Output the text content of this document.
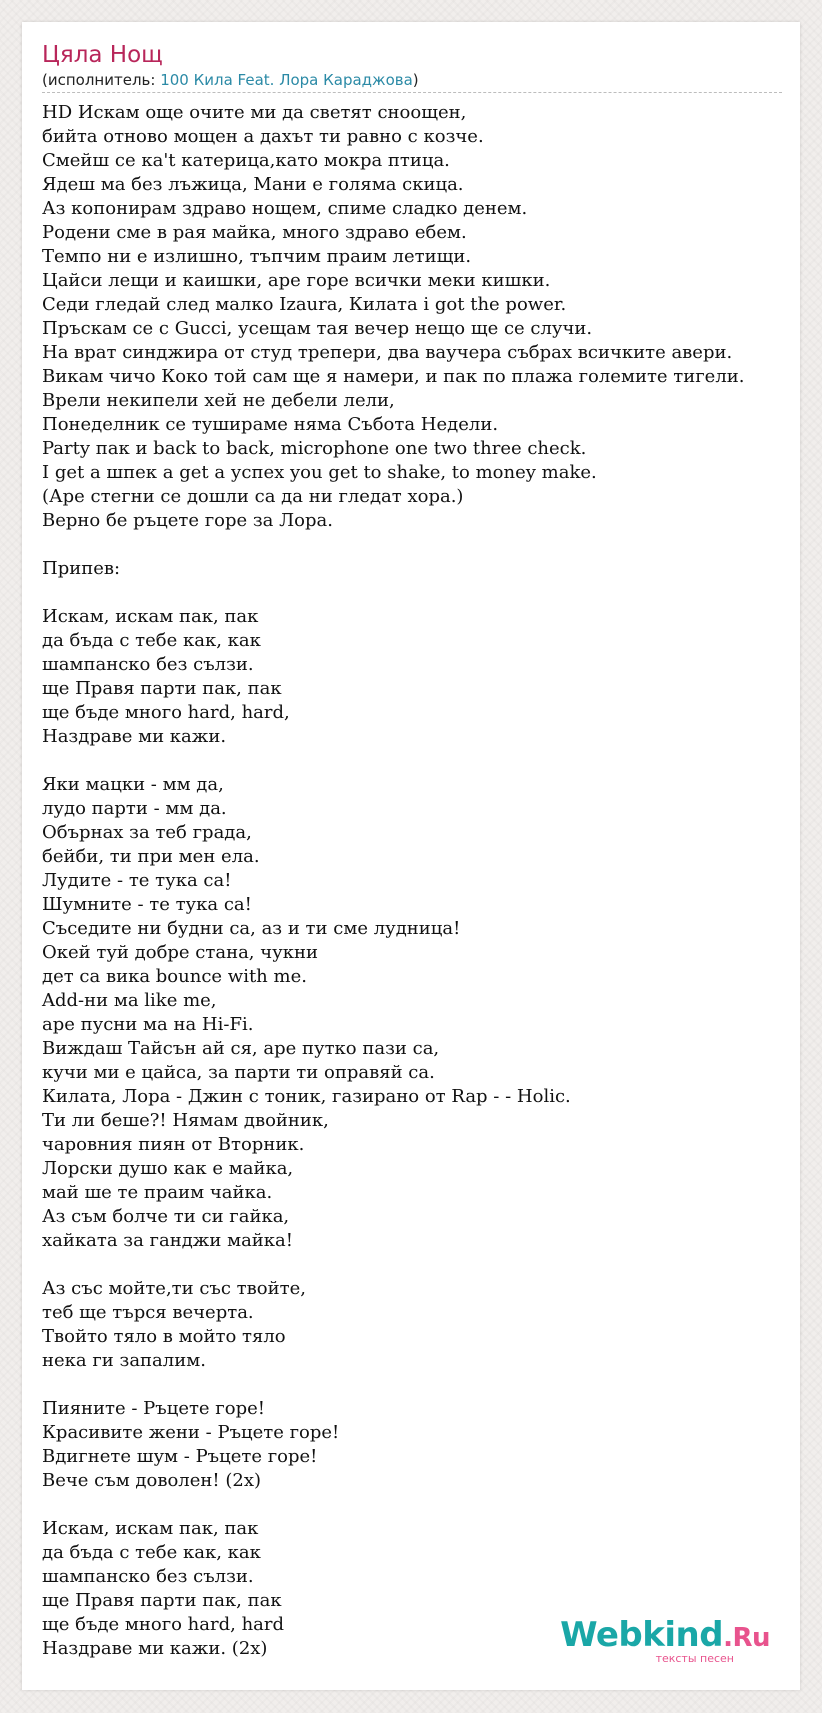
Цяла Нощ

(исполнитель: 100 Кила Feat. Лора Караджова)

HD Искам още очите ми да светят сноощен,
бийта отново мощен а дахът ти равно с козче.
Смейш се ка't катерица,като мокра птица.
Ядеш ма без лъжица, Мани е голяма скица.
Аз копонирам здраво нощем, спиме сладко денем.
Родени сме в рая майка, много здраво ебем.
Темпо ни е излишно, тъпчим праим летищи.
Цайси лещи и каишки, аре горе всички меки кишки.
Седи гледай след малко Izaura, Килата i got the power.
Пръскам се с Gucci, усещам тая вечер нещо ще се случи.
На врат синджира от студ трепери, два ваучера събрах всичките авери.
Викам чичо Коко той сам ще я намери, и пак по плажа големите тигели.
Врели некипели хей не дебели лели,
Понеделник се туширамe няма Събота Недели.
Party пак и back to back, microphone one two three check.
I get а шпек а get а успех you get to shake, to money make.
(Аре стегни се дошли са да ни гледат хора.)
Верно бе ръцете горе за Лора.
Припев:
Искам, искам пак, пак
да бъда с тебе как, как
шампанско без сълзи.
ще Правя парти пак, пак
ще бъде много hard, hard,
Наздраве ми кажи.
Яки мацки - мм да,
лудо парти - мм да.
Обърнах за теб града,
бейби, ти при мен ела.
Лудите - те тука са!
Шумните - те тука са!
Съседите ни будни са, аз и ти сме лудница!
Окей туй добре стана, чукни
дет са вика bounce with me.
Add-ни ма like me,
аре пусни ма на Hi-Fi.
Виждаш Тайсън ай ся, аре путко пази са,
кучи ми е цайса, за парти ти оправяй са.
Килата, Лора - Джин с тоник, газирано от Rap - - Holic.
Ти ли беше?! Нямам двойник,
чаровния пиян от Вторник.
Лорски душо как е майка,
май ше те праим чайка.
Аз съм болче ти си гайка,
хайката за ганджи майка!
Аз със мойте,ти със твойте,
теб ще търся вечерта.
Твойто тяло в мойто тяло
нека ги запалим.
Пияните - Ръцете горе!
Красивите жени - Ръцете горе!
Вдигнете шум - Ръцете горе!
Вече съм доволен! (2х)
Искам, искам пак, пак
да бъда с тебе как, как
шампанско без сълзи.
ще Правя парти пак, пак
ще бъде много hard, hard
Наздраве ми кажи. (2х)	Webkind.Ru
тексты песен
